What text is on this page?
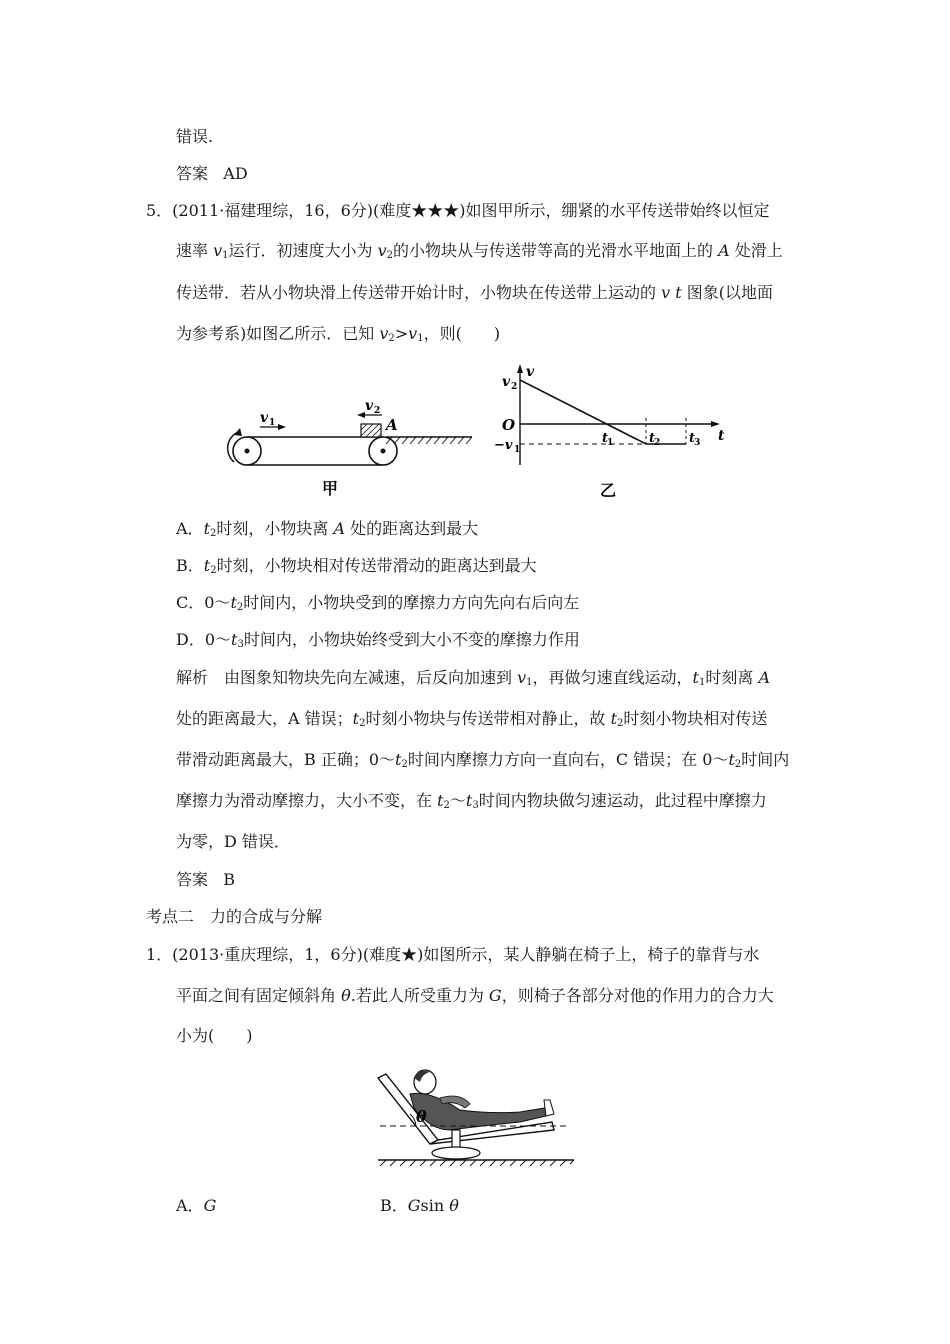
错误.
答案 AD
5．(2011·福建理综，16，6分)(难度★★★)如图甲所示，绷紧的水平传送带始终以恒定
速率 $v_1$运行．初速度大小为 $v_2$的小物块从与传送带等高的光滑水平地面上的 A 处滑上
传送带．若从小物块滑上传送带开始计时，小物块在传送带上运动的 v t 图象(以地面
为参考系)如图乙所示．已知 $v_2>v_1$，则(　　)
v 1
v 2
A
甲
v
t
v 2
O
−v 1
t
1	t
2 t
3
乙
A．$t_2$时刻，小物块离 A 处的距离达到最大
B．$t_2$时刻，小物块相对传送带滑动的距离达到最大
C．$0\sim t_2$时间内，小物块受到的摩擦力方向先向右后向左
D．$0\sim t_3$时间内，小物块始终受到大小不变的摩擦力作用
解析　由图象知物块先向左减速，后反向加速到 $v_1$，再做匀速直线运动，$t_1$时刻离 A
处的距离最大，A 错误；$t_2$时刻小物块与传送带相对静止，故 $t_2$时刻小物块相对传送
带滑动距离最大，B 正确；$0\sim t_2$时间内摩擦力方向一直向右，C 错误；在 $0\sim t_2$时间内
摩擦力为滑动摩擦力，大小不变，在 $t_2\sim t_3$时间内物块做匀速运动，此过程中摩擦力
为零，D 错误．
答案 B
考点二　力的合成与分解
1．(2013·重庆理综，1，6分)(难度★)如图所示，某人静躺在椅子上，椅子的靠背与水
平面之间有固定倾斜角 θ.若此人所受重力为 G，则椅子各部分对他的作用力的合力大
小为(　　)
θ
A．G	B．Gsin θ
